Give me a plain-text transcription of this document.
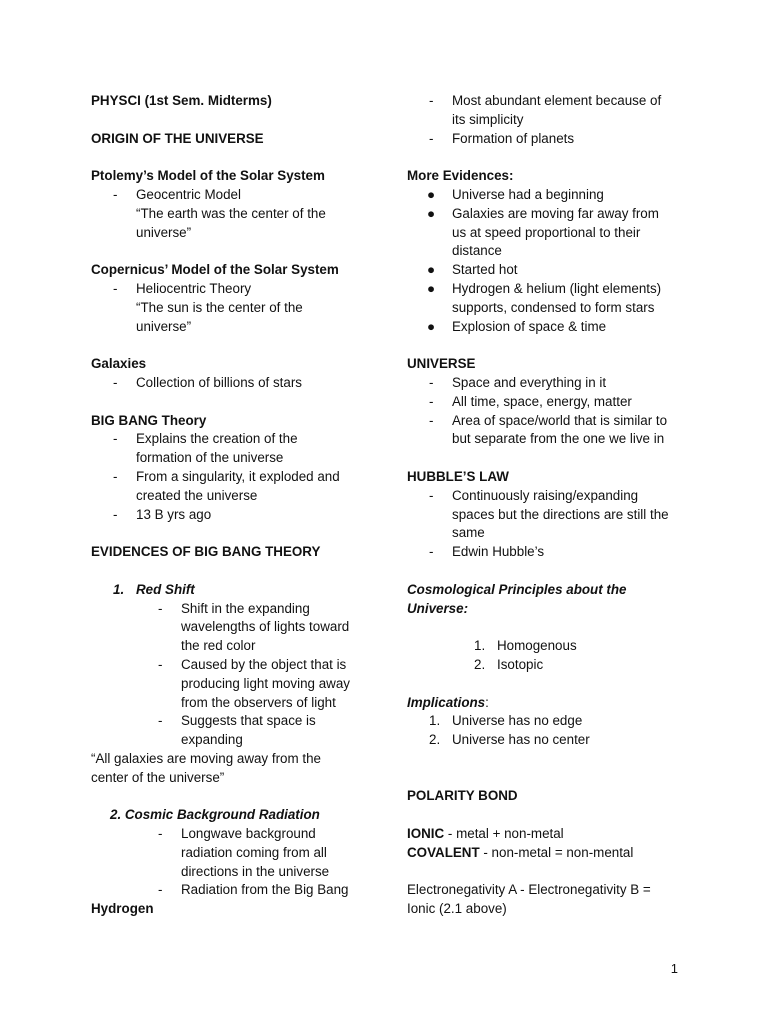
PHYSCI (1st Sem. Midterms)
ORIGIN OF THE UNIVERSE
Ptolemy’s Model of the Solar System
- Geocentric Model
“The earth was the center of the
universe”
Copernicus’ Model of the Solar System
- Heliocentric Theory
“The sun is the center of the
universe”
Galaxies
- Collection of billions of stars
BIG BANG Theory
- Explains the creation of the
formation of the universe
- From a singularity, it exploded and
created the universe
- 13 B yrs ago
EVIDENCES OF BIG BANG THEORY
1. Red Shift
- Shift in the expanding
wavelengths of lights toward
the red color
- Caused by the object that is
producing light moving away
from the observers of light
- Suggests that space is
expanding
“All galaxies are moving away from the
center of the universe”
2. Cosmic Background Radiation
- Longwave background
radiation coming from all
directions in the universe
- Radiation from the Big Bang
Hydrogen
- Most abundant element because of
its simplicity
- Formation of planets
More Evidences:
● Universe had a beginning
● Galaxies are moving far away from
us at speed proportional to their
distance
● Started hot
● Hydrogen & helium (light elements)
supports, condensed to form stars
● Explosion of space & time
UNIVERSE
- Space and everything in it
- All time, space, energy, matter
- Area of space/world that is similar to
but separate from the one we live in
HUBBLE’S LAW
- Continuously raising/expanding
spaces but the directions are still the
same
- Edwin Hubble’s
Cosmological Principles about the
Universe:
1. Homogenous
2. Isotopic
Implications:
1. Universe has no edge
2. Universe has no center
POLARITY BOND
IONIC - metal + non-metal
COVALENT - non-metal = non-mental
Electronegativity A - Electronegativity B =
Ionic (2.1 above)
1
